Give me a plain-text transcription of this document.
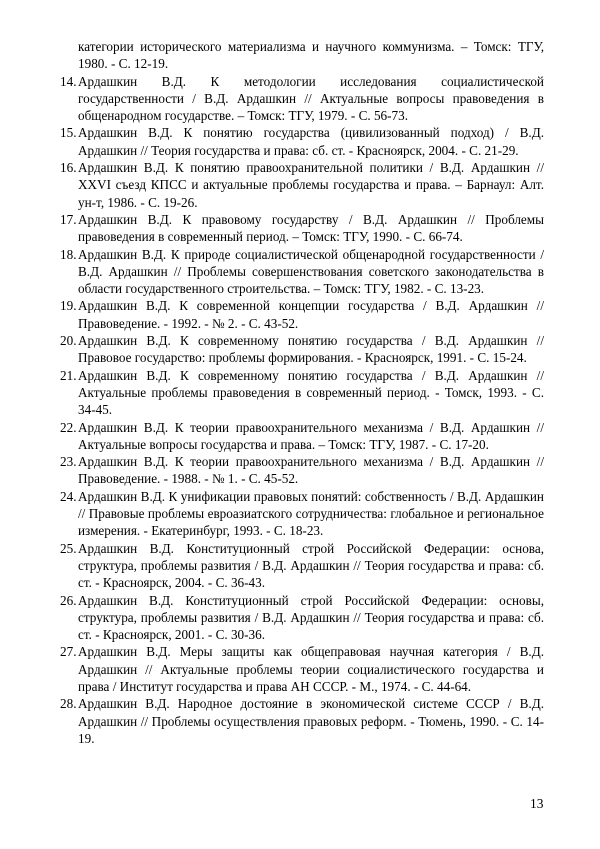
категории исторического материализма и научного коммунизма. – Томск: ТГУ, 1980. - С. 12-19.

14. Ардашкин В.Д. К методологии исследования социалистической государственности / В.Д. Ардашкин // Актуальные вопросы правоведения в общенародном государстве. – Томск: ТГУ, 1979. - С. 56-73.

15. Ардашкин В.Д. К понятию государства (цивилизованный подход) / В.Д. Ардашкин // Теория государства и права: сб. ст. - Красноярск, 2004. - С. 21-29.

16. Ардашкин В.Д. К понятию правоохранительной политики / В.Д. Ардашкин // XXVI съезд КПСС и актуальные проблемы государства и права. – Барнаул: Алт. ун-т, 1986. - С. 19-26.

17. Ардашкин В.Д. К правовому государству / В.Д. Ардашкин // Проблемы правоведения в современный период. – Томск: ТГУ, 1990. - С. 66-74.

18. Ардашкин В.Д. К природе социалистической общенародной государственности / В.Д. Ардашкин // Проблемы совершенствования советского законодательства в области государственного строительства. – Томск: ТГУ, 1982. - С. 13-23.

19. Ардашкин В.Д. К современной концепции государства / В.Д. Ардашкин // Правоведение. - 1992. - № 2. - С. 43-52.

20. Ардашкин В.Д. К современному понятию государства / В.Д. Ардашкин // Правовое государство: проблемы формирования. - Красноярск, 1991. - С. 15-24.

21. Ардашкин В.Д. К современному понятию государства / В.Д. Ардашкин // Актуальные проблемы правоведения в современный период. - Томск, 1993. - С. 34-45.

22. Ардашкин В.Д. К теории правоохранительного механизма / В.Д. Ардашкин // Актуальные вопросы государства и права. – Томск: ТГУ, 1987. - С. 17-20.

23. Ардашкин В.Д. К теории правоохранительного механизма / В.Д. Ардашкин // Правоведение. - 1988. - № 1. - С. 45-52.

24. Ардашкин В.Д. К унификации правовых понятий: собственность / В.Д. Ардашкин // Правовые проблемы евроазиатского сотрудничества: глобальное и региональное измерения. - Екатеринбург, 1993. - С. 18-23.

25. Ардашкин В.Д. Конституционный строй Российской Федерации: основа, структура, проблемы развития / В.Д. Ардашкин // Теория государства и права: сб. ст. - Красноярск, 2004. - С. 36-43.

26. Ардашкин В.Д. Конституционный строй Российской Федерации: основы, структура, проблемы развития / В.Д. Ардашкин // Теория государства и права: сб. ст. - Красноярск, 2001. - С. 30-36.

27. Ардашкин В.Д. Меры защиты как общеправовая научная категория / В.Д. Ардашкин // Актуальные проблемы теории социалистического государства и права / Институт государства и права АН СССР. - М., 1974. - С. 44-64.

28. Ардашкин В.Д. Народное достояние в экономической системе СССР / В.Д. Ардашкин // Проблемы осуществления правовых реформ. - Тюмень, 1990. - С. 14-19.

13
